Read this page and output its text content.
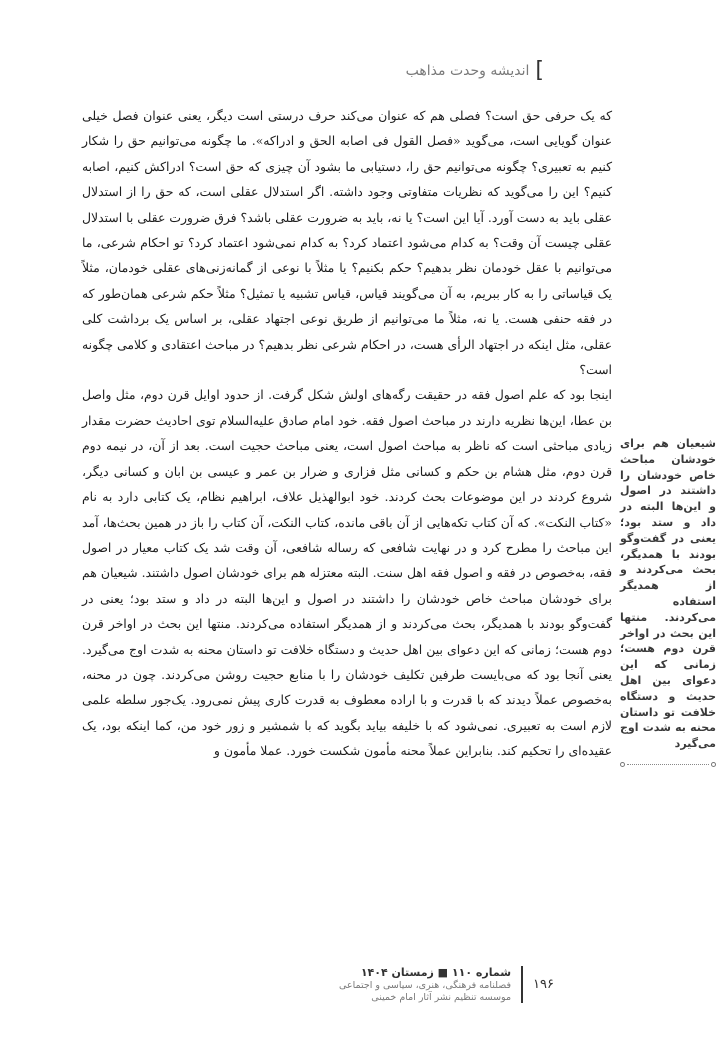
]
اندیشه وحدت مذاهب

که یک حرفی حق است؟ فصلی هم که عنوان می‌کند حرف درستی است دیگر، یعنی عنوان فصل خیلی عنوان گویایی است، می‌گوید «فصل القول فی اصابه الحق و ادراکه». ما چگونه می‌توانیم حق را شکار کنیم به تعبیری؟ چگونه می‌توانیم حق را، دستیابی ما بشود آن چیزی که حق است؟ ادراکش کنیم، اصابه کنیم؟ این را می‌گوید که نظریات متفاوتی وجود داشته. اگر استدلال عقلی است، که حق را از استدلال عقلی باید به دست آورد. آیا این است؟ یا نه، باید به ضرورت عقلی باشد؟ فرق ضرورت عقلی با استدلال عقلی چیست آن وقت؟ به کدام می‌شود اعتماد کرد؟ به کدام نمی‌شود اعتماد کرد؟ تو احکام شرعی، ما می‌توانیم با عقل خودمان نظر بدهیم؟ حکم بکنیم؟ یا مثلاً با نوعی از گمانه‌زنی‌های عقلی خودمان، مثلاً یک قیاساتی را به کار ببریم، به آن می‌گویند قیاس، قیاس تشبیه یا تمثیل؟ مثلاً حکم شرعی همان‌طور که در فقه حنفی هست. یا نه، مثلاً ما می‌توانیم از طریق نوعی اجتهاد عقلی، بر اساس یک برداشت کلی عقلی، مثل اینکه در اجتهاد الرأی هست، در احکام شرعی نظر بدهیم؟ در مباحث اعتقادی و کلامی چگونه است؟

اینجا بود که علم اصول فقه در حقیقت رگه‌های اولش شکل گرفت. از حدود اوایل قرن دوم، مثل واصل بن عطا، این‌ها نظریه دارند در مباحث اصول فقه. خود امام صادق علیه‌السلام توی احادیث حضرت مقدار زیادی مباحثی است که ناظر به مباحث اصول است، یعنی مباحث حجیت است. بعد از آن، در نیمه دوم قرن دوم، مثل هشام بن حکم و کسانی مثل فزاری و ضرار بن عمر و عیسی بن ابان و کسانی دیگر، شروع کردند در این موضوعات بحث کردند. خود ابوالهذیل علاف، ابراهیم نظام، یک کتابی دارد به نام «کتاب النکت». که آن کتاب تکه‌هایی از آن باقی مانده، کتاب النکت، آن کتاب را باز در همین بحث‌ها، آمد این مباحث را مطرح کرد و در نهایت شافعی که رساله شافعی، آن وقت شد یک کتاب معیار در اصول فقه، به‌خصوص در فقه و اصول فقه اهل سنت. البته معتزله هم برای خودشان اصول داشتند. شیعیان هم برای خودشان مباحث خاص خودشان را داشتند در اصول و این‌ها البته در داد و ستد بود؛ یعنی در گفت‌وگو بودند با همدیگر، بحث می‌کردند و از همدیگر استفاده می‌کردند. منتها این بحث در اواخر قرن دوم هست؛ زمانی که این دعوای بین اهل حدیث و دستگاه خلافت تو داستان محنه به شدت اوج می‌گیرد. یعنی آنجا بود که می‌بایست طرفین تکلیف خودشان را با منابع حجیت روشن می‌کردند. چون در محنه، به‌خصوص عملاً دیدند که با قدرت و با اراده معطوف به قدرت کاری پیش نمی‌رود. یک‌جور سلطه علمی لازم است به تعبیری. نمی‌شود که با خلیفه بیاید بگوید که با شمشیر و زور خود من، کما اینکه بود، یک عقیده‌ای را تحکیم کند. بنابراین عملاً محنه مأمون شکست خورد. عملا مأمون و

شیعیان هم برای خودشان مباحث خاص خودشان را داشتند در اصول و این‌ها البته در داد و ستد بود؛ یعنی در گفت‌وگو بودند با همدیگر، بحث می‌کردند و از همدیگر استفاده می‌کردند. منتها این بحث در اواخر قرن دوم هست؛ زمانی که این دعوای بین اهل حدیث و دستگاه خلافت تو داستان محنه به شدت اوج می‌گیرد

۱۹۶
شماره ۱۱۰ ■ زمستان ۱۴۰۴
فصلنامه فرهنگی، هنری، سیاسی و اجتماعی
موسسه تنظیم نشر آثار امام خمینی
